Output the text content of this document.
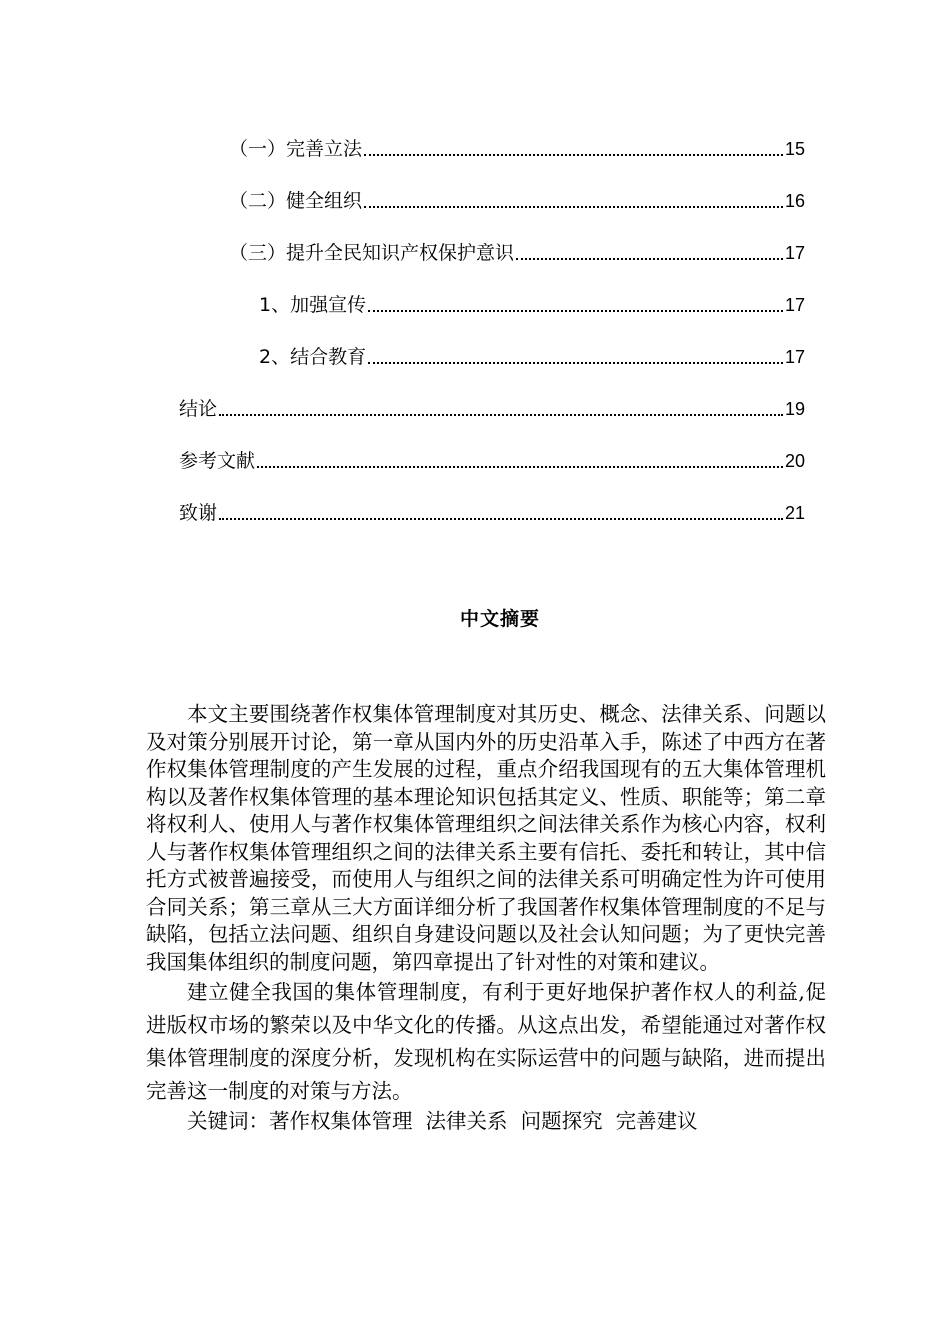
（一）完善立法	15
（二）健全组织	16
（三）提升全民知识产权保护意识	17
1、加强宣传	17
2、结合教育	17
结论	19
参考文献	20
致谢	21
中文摘要

本文主要围绕著作权集体管理制度对其历史、概念、法律关系、问题以及对策分别展开讨论，第一章从国内外的历史沿革入手，陈述了中西方在著作权集体管理制度的产生发展的过程，重点介绍我国现有的五大集体管理机构以及著作权集体管理的基本理论知识包括其定义、性质、职能等；第二章将权利人、使用人与著作权集体管理组织之间法律关系作为核心内容，权利人与著作权集体管理组织之间的法律关系主要有信托、委托和转让，其中信托方式被普遍接受，而使用人与组织之间的法律关系可明确定性为许可使用合同关系；第三章从三大方面详细分析了我国著作权集体管理制度的不足与缺陷，包括立法问题、组织自身建设问题以及社会认知问题；为了更快完善我国集体组织的制度问题，第四章提出了针对性的对策和建议。

建立健全我国的集体管理制度，有利于更好地保护著作权人的利益,促进版权市场的繁荣以及中华文化的传播。从这点出发，希望能通过对著作权集体管理制度的深度分析，发现机构在实际运营中的问题与缺陷，进而提出完善这一制度的对策与方法。

关键词：著作权集体管理  法律关系  问题探究  完善建议
